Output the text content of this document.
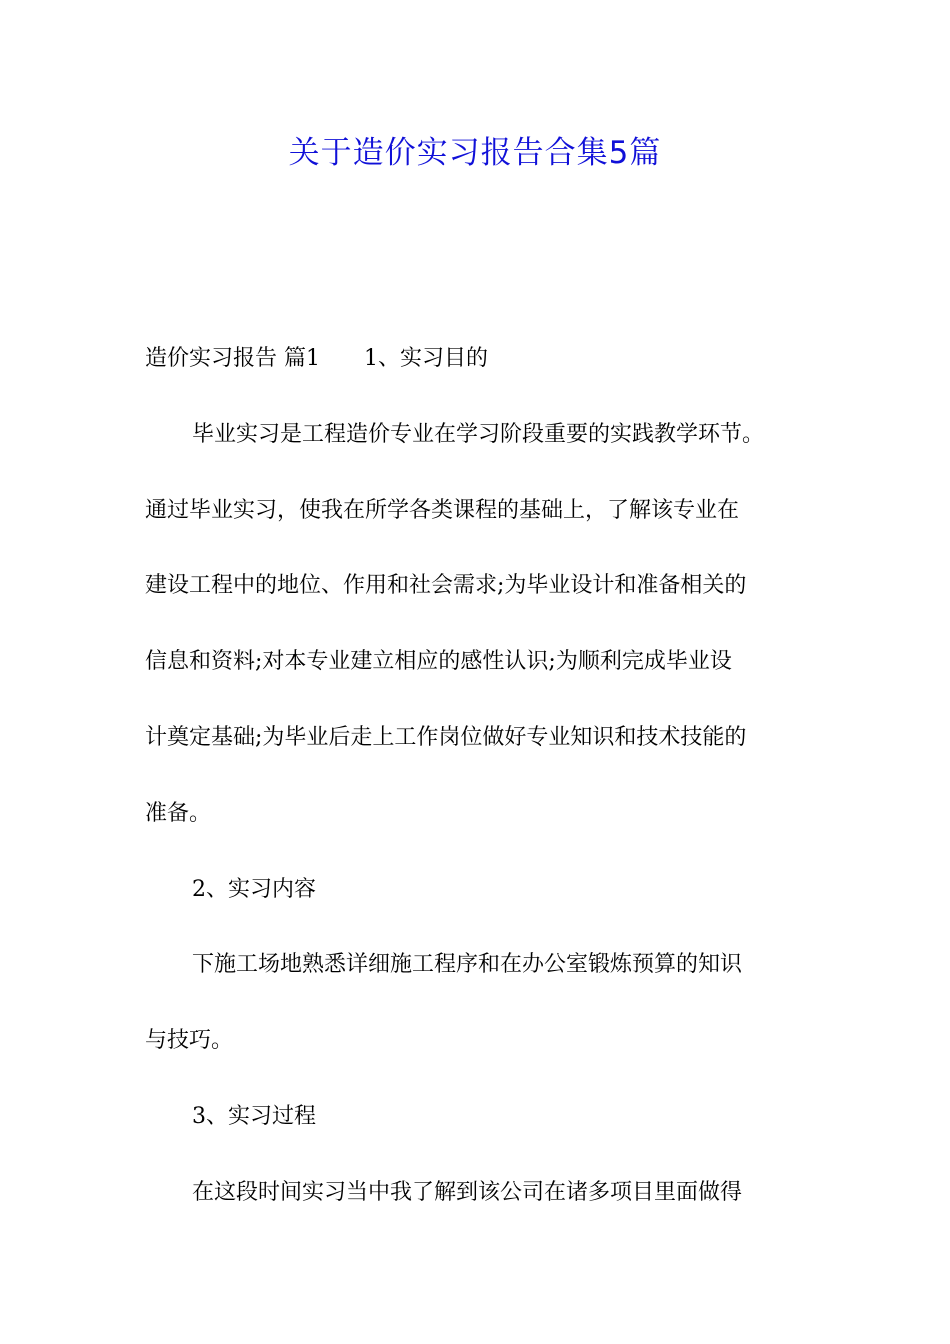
关于造价实习报告合集5篇
造价实习报告 篇1 1、实习目的
毕业实习是工程造价专业在学习阶段重要的实践教学环节。
通过毕业实习，使我在所学各类课程的基础上，了解该专业在
建设工程中的地位、作用和社会需求;为毕业设计和准备相关的
信息和资料;对本专业建立相应的感性认识;为顺利完成毕业设
计奠定基础;为毕业后走上工作岗位做好专业知识和技术技能的
准备。
2、实习内容
下施工场地熟悉详细施工程序和在办公室锻炼预算的知识
与技巧。
3、实习过程
在这段时间实习当中我了解到该公司在诸多项目里面做得
